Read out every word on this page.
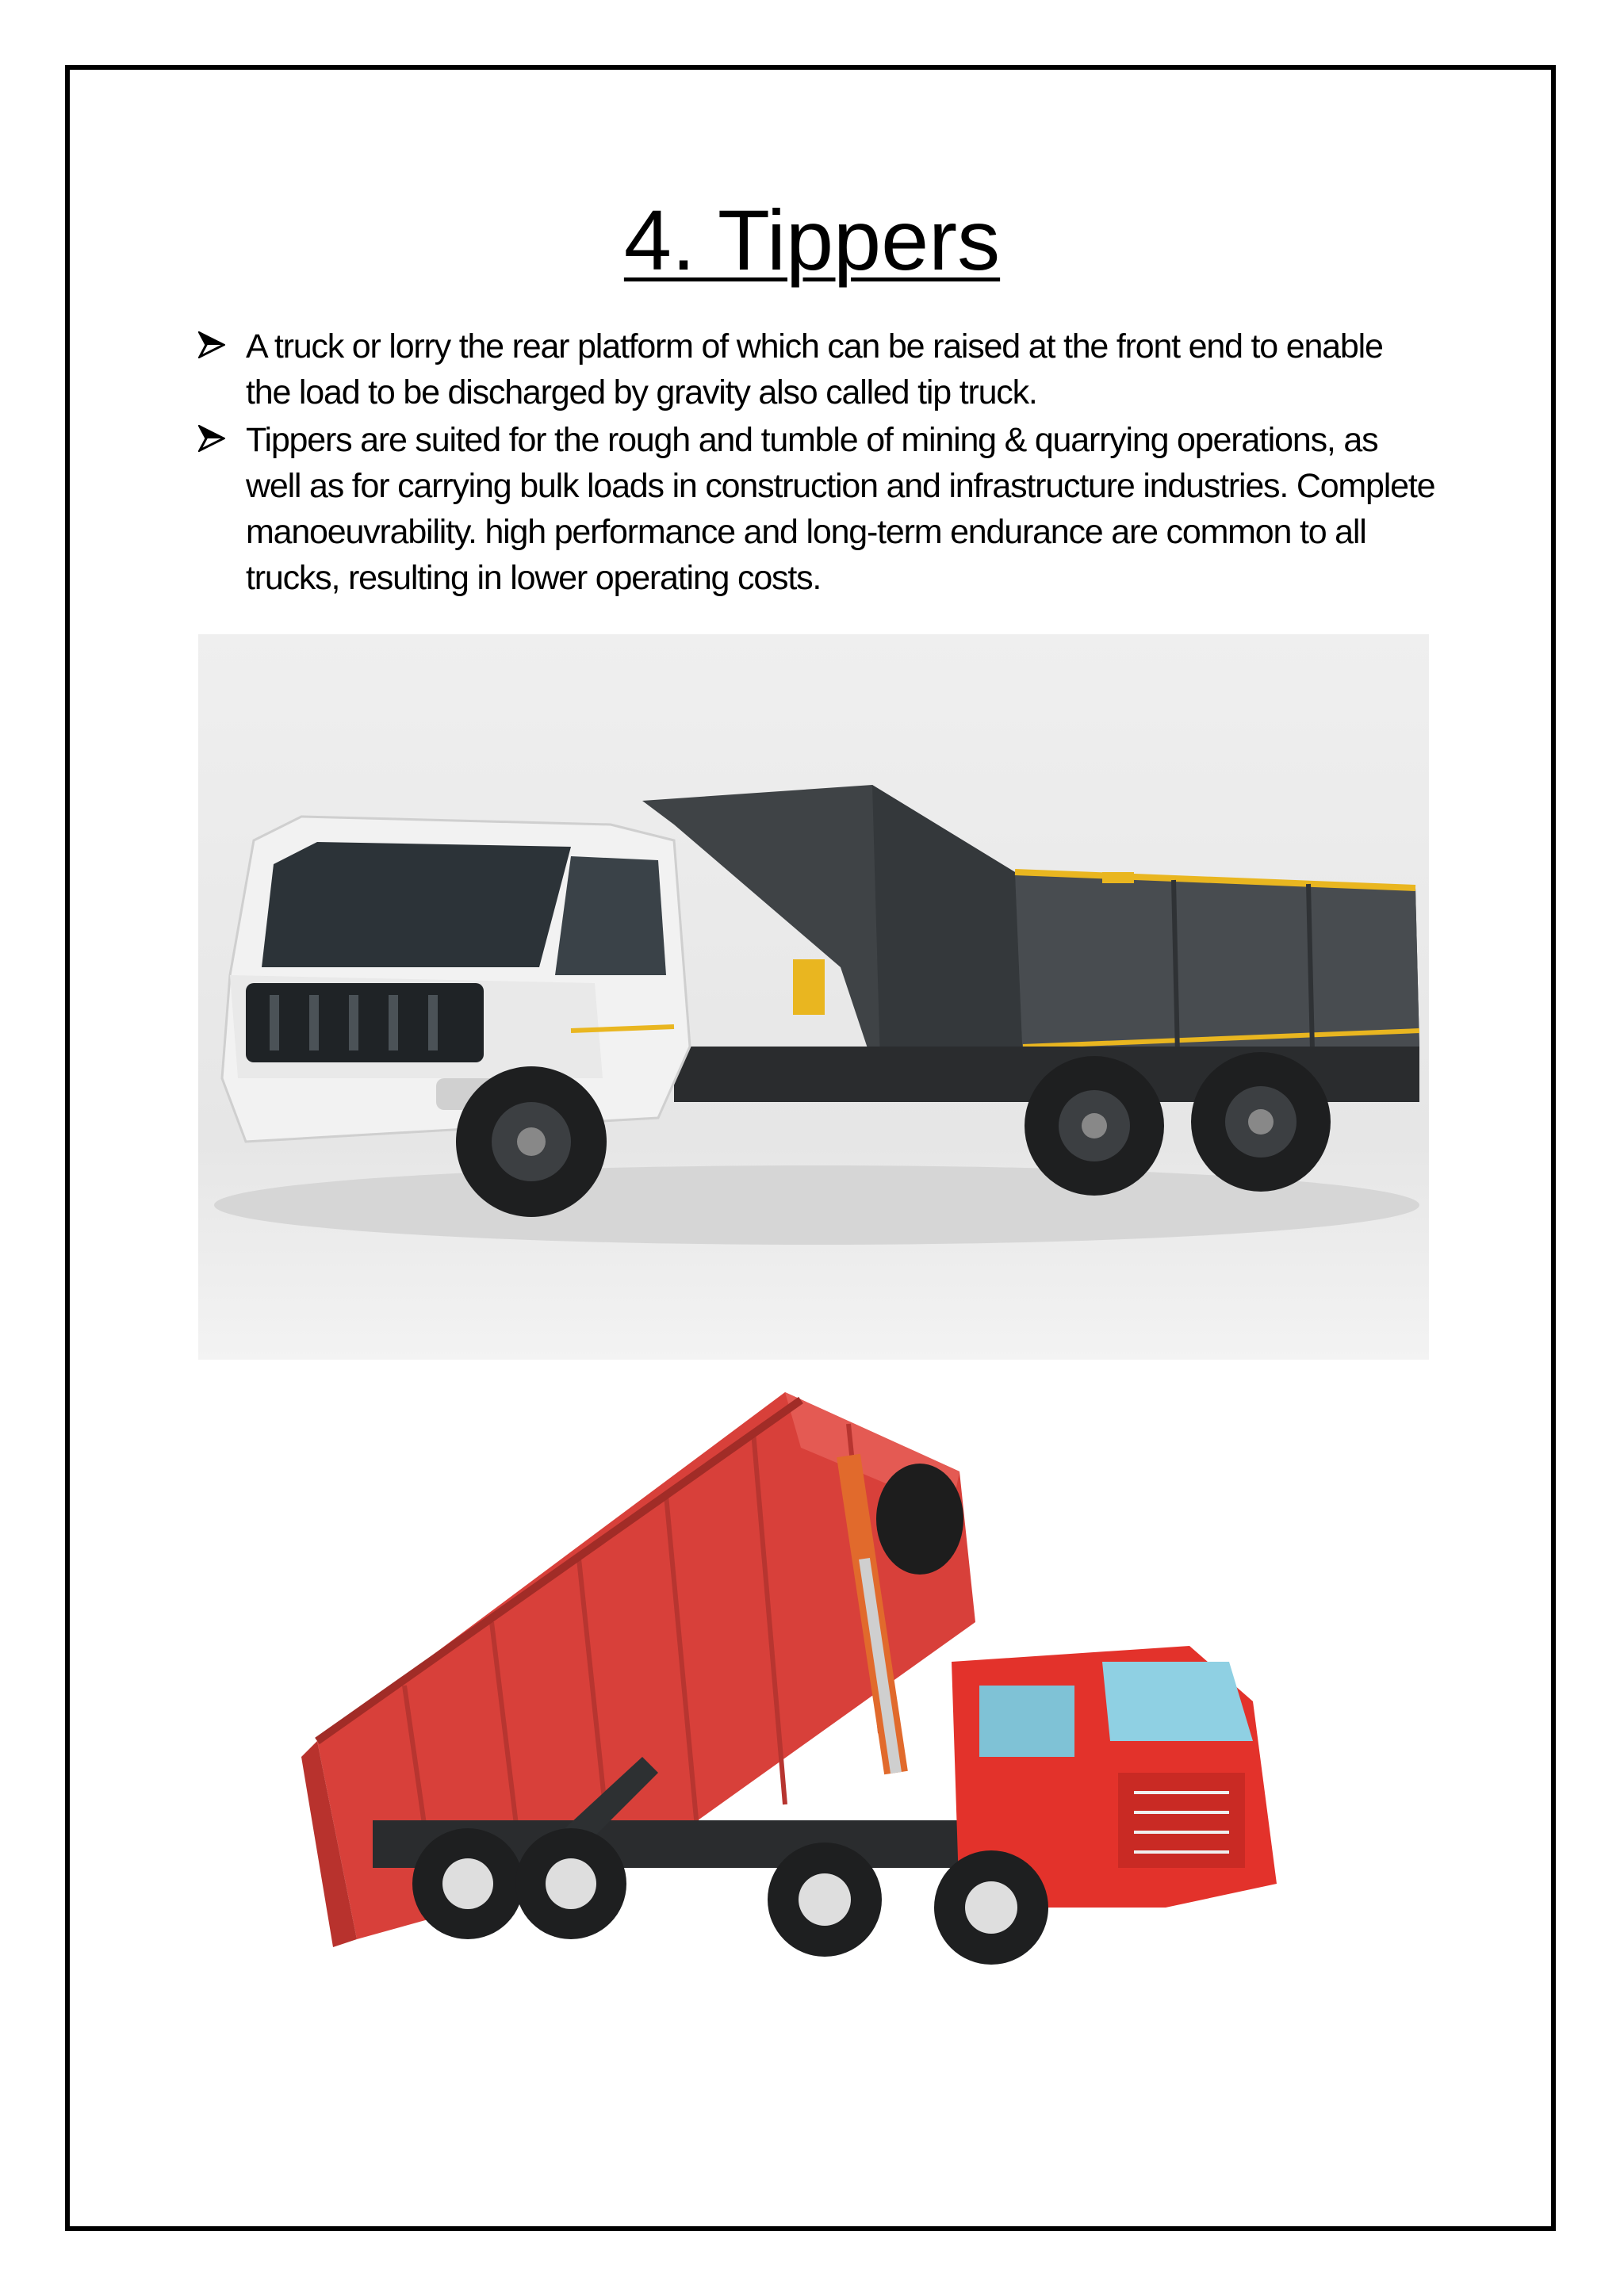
4. Tippers
A truck or lorry the rear platform of which can be raised at the front end to enable the load to be discharged by gravity also called tip truck.
Tippers are suited for the rough and tumble of mining & quarrying operations, as well as for carrying bulk loads in construction and infrastructure industries. Complete manoeuvrability. high performance and long-term endurance are common to all trucks, resulting in lower operating costs.
